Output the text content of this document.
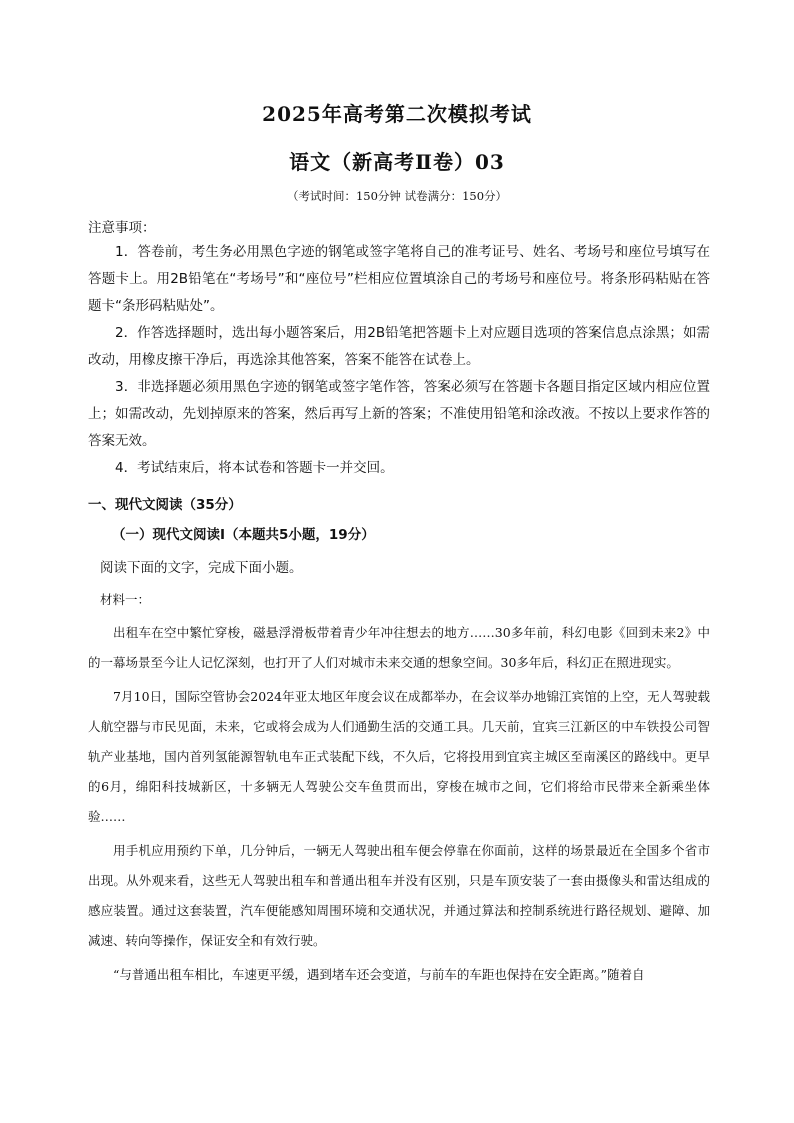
2025年高考第二次模拟考试
语文（新高考Ⅱ卷）03
（考试时间：150分钟 试卷满分：150分）
注意事项：

1．答卷前，考生务必用黑色字迹的钢笔或签字笔将自己的准考证号、姓名、考场号和座位号填写在答题卡上。用2B铅笔在“考场号”和“座位号”栏相应位置填涂自己的考场号和座位号。将条形码粘贴在答题卡“条形码粘贴处”。

2．作答选择题时，选出每小题答案后，用2B铅笔把答题卡上对应题目选项的答案信息点涂黑；如需改动，用橡皮擦干净后，再选涂其他答案，答案不能答在试卷上。

3．非选择题必须用黑色字迹的钢笔或签字笔作答，答案必须写在答题卡各题目指定区域内相应位置上；如需改动，先划掉原来的答案，然后再写上新的答案；不准使用铅笔和涂改液。不按以上要求作答的答案无效。

4．考试结束后，将本试卷和答题卡一并交回。

一、现代文阅读（35分）
（一）现代文阅读Ⅰ（本题共5小题，19分）
阅读下面的文字，完成下面小题。
材料一：

出租车在空中繁忙穿梭，磁悬浮滑板带着青少年冲往想去的地方……30多年前，科幻电影《回到未来2》中的一幕场景至今让人记忆深刻，也打开了人们对城市未来交通的想象空间。30多年后，科幻正在照进现实。

7月10日，国际空管协会2024年亚太地区年度会议在成都举办，在会议举办地锦江宾馆的上空，无人驾驶载人航空器与市民见面，未来，它或将会成为人们通勤生活的交通工具。几天前，宜宾三江新区的中车铁投公司智轨产业基地，国内首列氢能源智轨电车正式装配下线，不久后，它将投用到宜宾主城区至南溪区的路线中。更早的6月，绵阳科技城新区，十多辆无人驾驶公交车鱼贯而出，穿梭在城市之间，它们将给市民带来全新乘坐体验……

用手机应用预约下单，几分钟后，一辆无人驾驶出租车便会停靠在你面前，这样的场景最近在全国多个省市出现。从外观来看，这些无人驾驶出租车和普通出租车并没有区别，只是车顶安装了一套由摄像头和雷达组成的感应装置。通过这套装置，汽车便能感知周围环境和交通状况，并通过算法和控制系统进行路径规划、避障、加减速、转向等操作，保证安全和有效行驶。

“与普通出租车相比，车速更平缓，遇到堵车还会变道，与前车的车距也保持在安全距离。”随着自
